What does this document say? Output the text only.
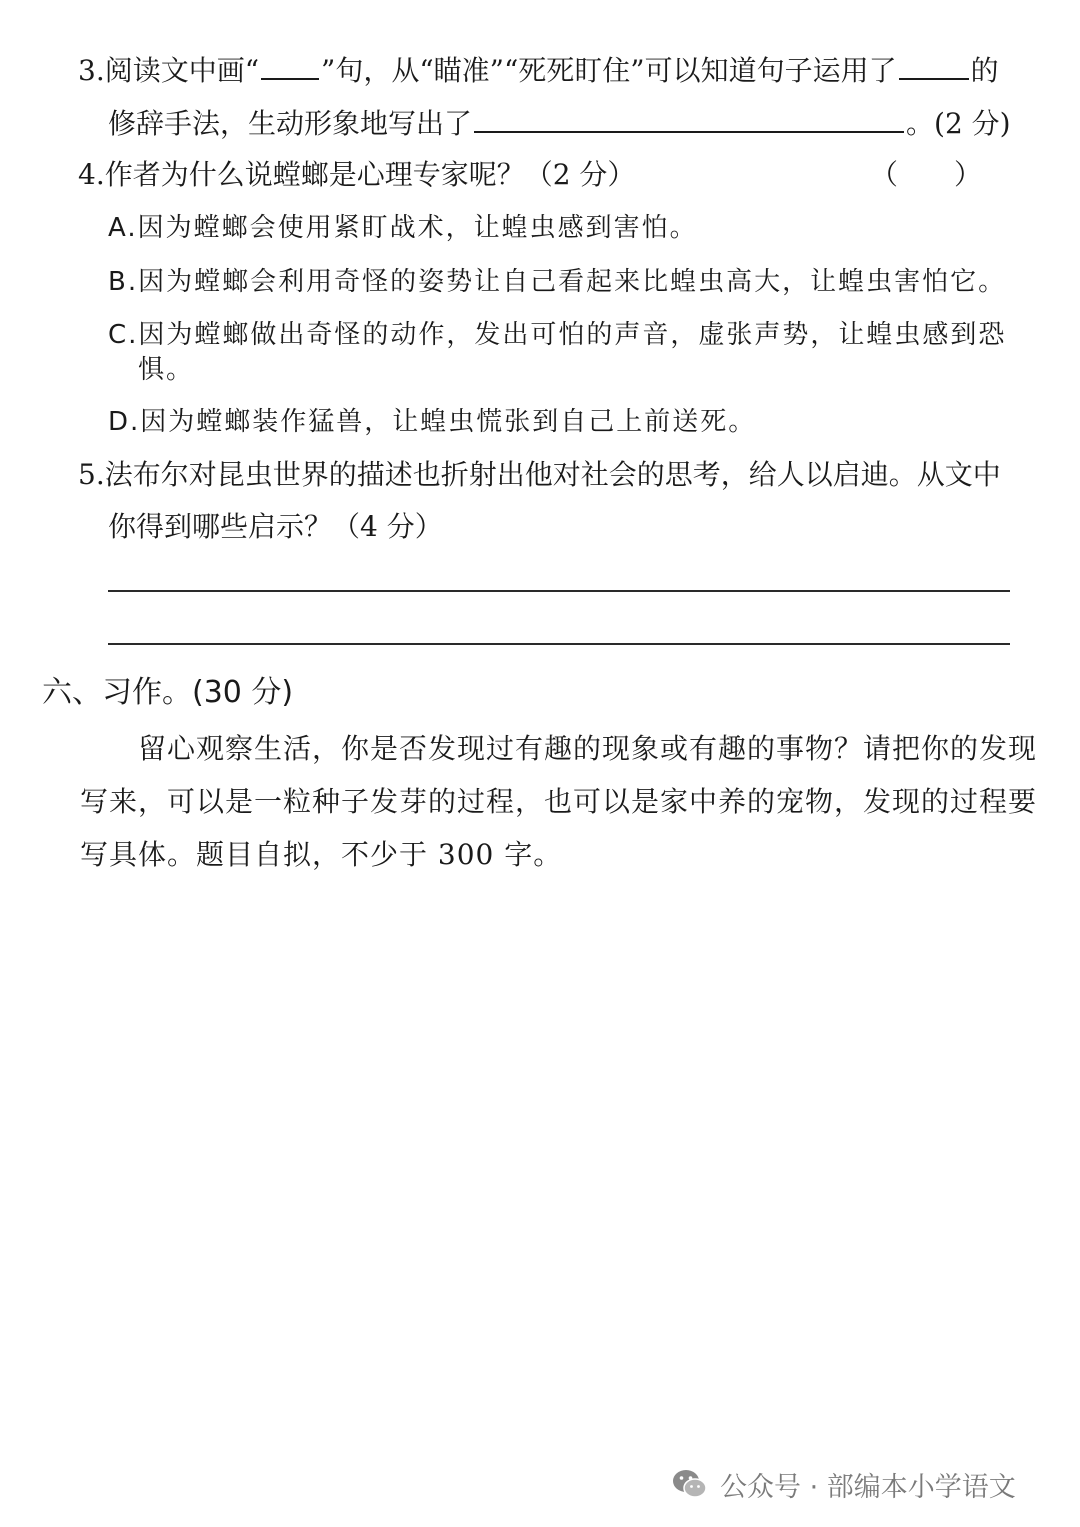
3.阅读文中画“ ”句，从“瞄准”“死死盯住”可以知道句子运用了	的
修辞手法，生动形象地写出了	。(2 分)
4.作者为什么说螳螂是心理专家呢？（2 分）	（　　）
A.因为螳螂会使用紧盯战术，让蝗虫感到害怕。
B.因为螳螂会利用奇怪的姿势让自己看起来比蝗虫高大，让蝗虫害怕它。
C.因为螳螂做出奇怪的动作，发出可怕的声音，虚张声势，让蝗虫感到恐
惧。
D.因为螳螂装作猛兽，让蝗虫慌张到自己上前送死。
5.法布尔对昆虫世界的描述也折射出他对社会的思考，给人以启迪。从文中
你得到哪些启示？（4 分）
六、习作。(30 分)
留心观察生活，你是否发现过有趣的现象或有趣的事物？请把你的发现
写来，可以是一粒种子发芽的过程，也可以是家中养的宠物，发现的过程要
写具体。题目自拟，不少于 300 字。
公众号 · 部编本小学语文
